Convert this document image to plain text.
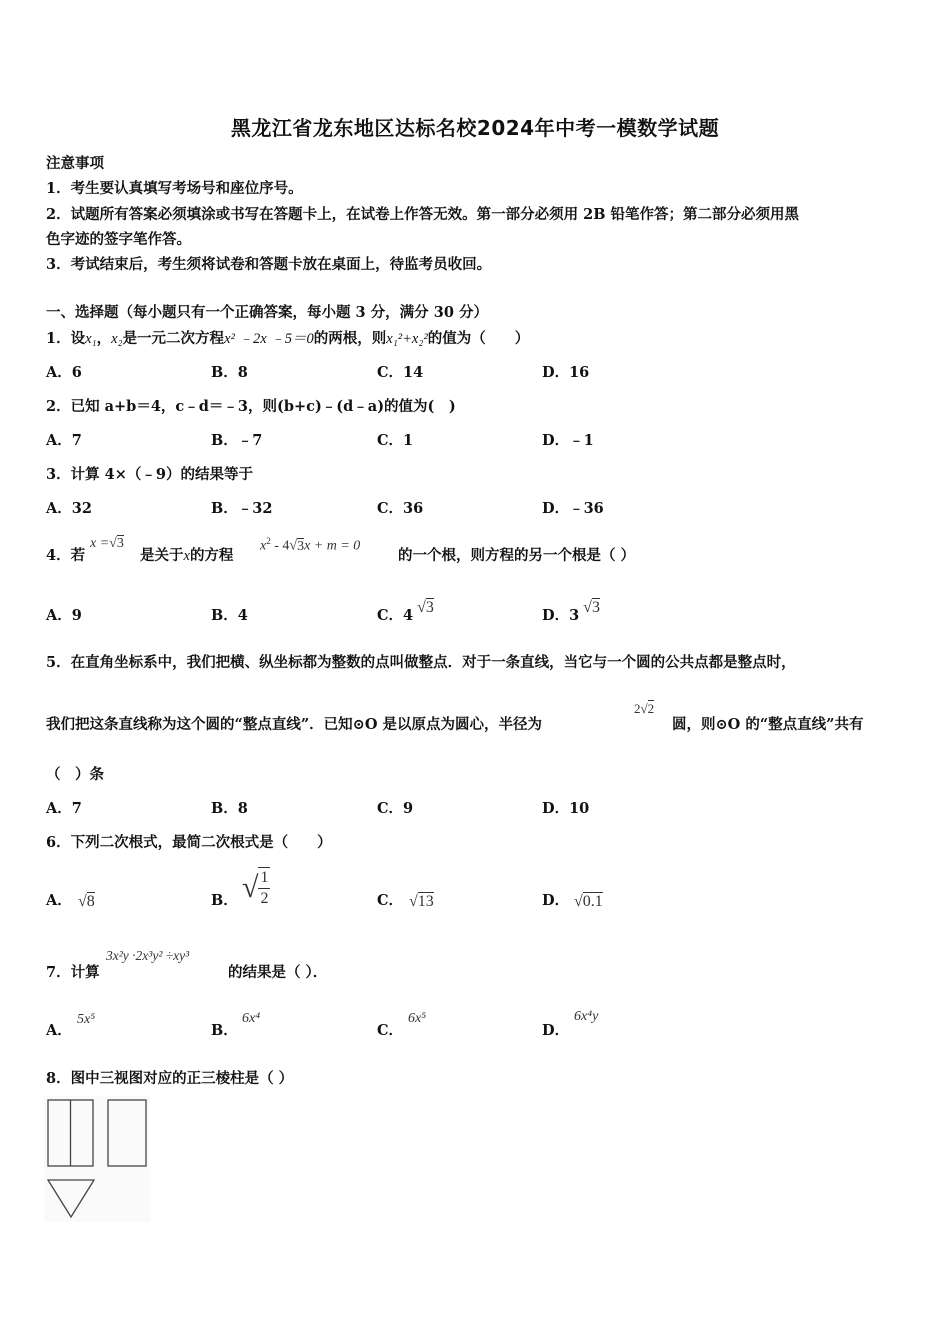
黑龙江省龙东地区达标名校2024年中考一模数学试题
注意事项
1．考生要认真填写考场号和座位序号。
2．试题所有答案必须填涂或书写在答题卡上，在试卷上作答无效。第一部分必须用 2B 铅笔作答；第二部分必须用黑
色字迹的签字笔作答。
3．考试结束后，考生须将试卷和答题卡放在桌面上，待监考员收回。
一、选择题（每小题只有一个正确答案，每小题 3 分，满分 30 分）
1．设x₁，x₂是一元二次方程x² ﹣2x ﹣5＝0的两根，则x₁²+x₂²的值为（　　）
A．6	B．8	C．14	D．16
2．已知 a+b＝4，c﹣d＝﹣3，则(b+c)﹣(d﹣a)的值为(　)
A．7	B．﹣7	C．1	D．﹣1
3．计算 4×（﹣9）的结果等于
A．32	B．﹣32	C．36	D．﹣36
4．若
x =√3
是关于x的方程
$x^2 - 4√3x + m = 0$
的一个根，则方程的另一个根是（ ）
A．9	B．4	C．4 √3	D．3 √3
5．在直角坐标系中，我们把横、纵坐标都为整数的点叫做整点．对于一条直线，当它与一个圆的公共点都是整点时，
我们把这条直线称为这个圆的“整点直线”．已知⊙O 是以原点为圆心，半径为
2√2
圆，则⊙O 的“整点直线”共有
（　）条
A．7	B．8	C．9	D．10
6．下列二次根式，最简二次根式是（　　）
A． √8	B． √ $\frac{1}{2}$	C． √13	D． √0.1
7．计算
3x²y ·2x³y² ÷xy³
的结果是（ ）．
A．
5x⁵
B．
6x⁴
C．
6x⁵
D．
6x⁴y
8．图中三视图对应的正三棱柱是（ ）
